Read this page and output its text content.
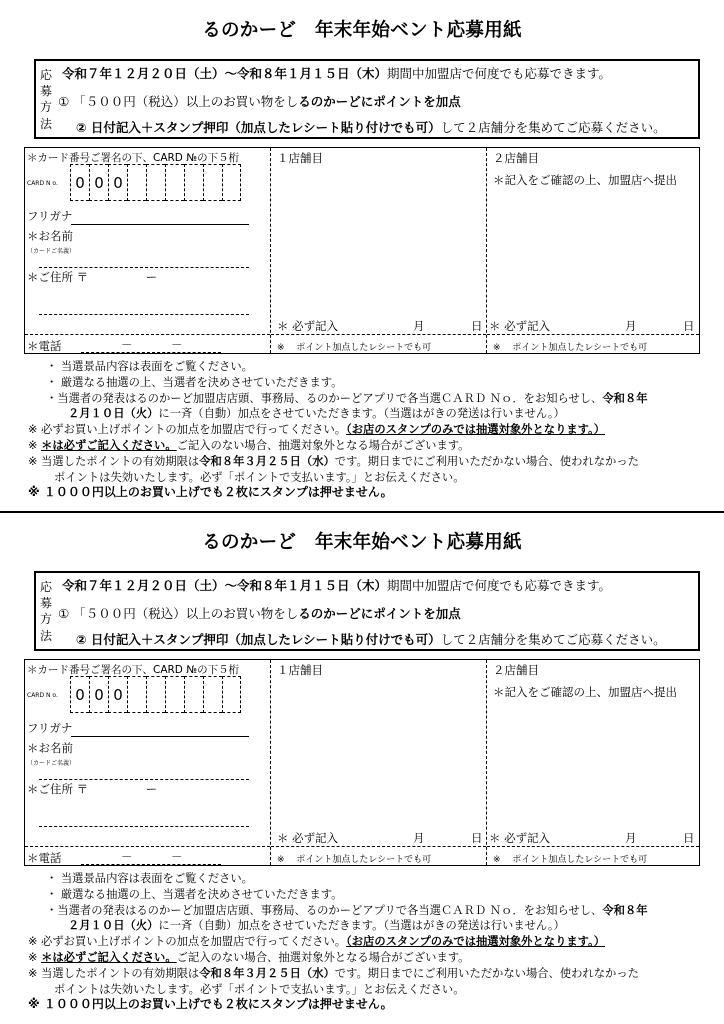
るのかーど　年末年始ベント応募用紙
応
募
方
法
令和７年１２月２０日（土）～令和８年１月１５日（木）期間中加盟店で何度でも応募できます。
① 「５００円（税込）以上のお買い物をしるのかーどにポイントを加点
② 日付記入＋スタンプ押印（加点したレシート貼り付けでも可）して２店舗分を集めてご応募ください。
＊カード番号ご署名の下、CARD №の下５桁
CARD N o.	0 0 0
フリガナ
＊お名前
（カードご名義）
＊ご住所 〒　　　　　ー
＊電話	－	－
１店舗目
＊ 必ず記入	月	日
※　 ポイント加点したレシートでも可
２店舗目
＊記入をご確認の上、加盟店へ提出
＊ 必ず記入	月	日
※　 ポイント加点したレシートでも可
・ 当選景品内容は表面をご覧ください。
・ 厳選なる抽選の上、当選者を決めさせていただきます。
・当選者の発表はるのかーど加盟店店頭、事務局、るのかーどアプリで各当選ＣＡＲＤ Ｎｏ．をお知らせし、令和８年
２月１０日（火）に一斉（自動）加点をさせていただきます。（当選はがきの発送は行いません。）
※ 必ずお買い上げポイントの加点を加盟店で行ってください。（お店のスタンプのみでは抽選対象外となります。）
※ ＊は必ずご記入ください。ご記入のない場合、抽選対象外となる場合がございます。
※ 当選したポイントの有効期限は令和８年３月２５日（水）です。期日までにご利用いただかない場合、使われなかった
ポイントは失効いたします。必ず「ポイントで支払います。」とお伝えください。
※ １０００円以上のお買い上げでも２枚にスタンプは押せません。
るのかーど　年末年始ベント応募用紙
応
募
方
法
令和７年１２月２０日（土）～令和８年１月１５日（木）期間中加盟店で何度でも応募できます。
① 「５００円（税込）以上のお買い物をしるのかーどにポイントを加点
② 日付記入＋スタンプ押印（加点したレシート貼り付けでも可）して２店舗分を集めてご応募ください。
＊カード番号ご署名の下、CARD №の下５桁
CARD N o.	0 0 0
フリガナ
＊お名前
（カードご名義）
＊ご住所 〒　　　　　ー
＊電話	－	－
１店舗目
＊ 必ず記入	月	日
※　 ポイント加点したレシートでも可
２店舗目
＊記入をご確認の上、加盟店へ提出
＊ 必ず記入	月	日
※　 ポイント加点したレシートでも可
・ 当選景品内容は表面をご覧ください。
・ 厳選なる抽選の上、当選者を決めさせていただきます。
・当選者の発表はるのかーど加盟店店頭、事務局、るのかーどアプリで各当選ＣＡＲＤ Ｎｏ．をお知らせし、令和８年
２月１０日（火）に一斉（自動）加点をさせていただきます。（当選はがきの発送は行いません。）
※ 必ずお買い上げポイントの加点を加盟店で行ってください。（お店のスタンプのみでは抽選対象外となります。）
※ ＊は必ずご記入ください。ご記入のない場合、抽選対象外となる場合がございます。
※ 当選したポイントの有効期限は令和８年３月２５日（水）です。期日までにご利用いただかない場合、使われなかった
ポイントは失効いたします。必ず「ポイントで支払います。」とお伝えください。
※ １０００円以上のお買い上げでも２枚にスタンプは押せません。
